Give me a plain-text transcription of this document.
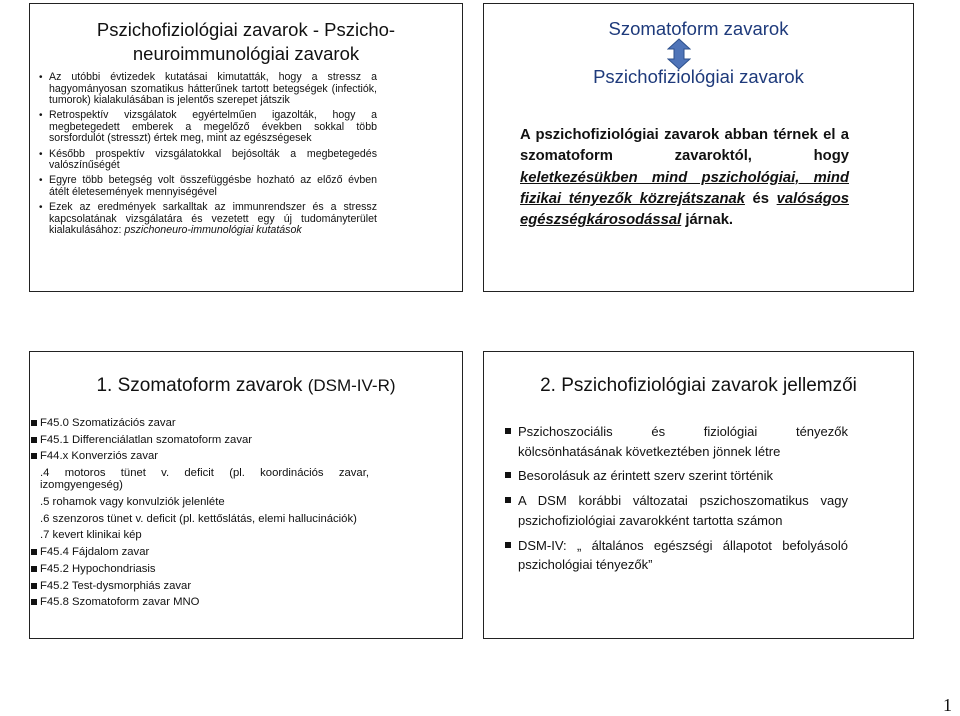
Pszichofiziológiai zavarok - Pszicho-
neuroimmunológiai zavarok
• Az utóbbi évtizedek kutatásai kimutatták, hogy a stressz a hagyományosan szomatikus hátterűnek tartott betegségek (infectiók, tumorok) kialakulásában is jelentős szerepet játszik
• Retrospektív vizsgálatok egyértelműen igazolták, hogy a megbetegedett emberek a megelőző években sokkal több sorsfordulót (stresszt) értek meg, mint az egészségesek
• Később prospektív vizsgálatokkal bejósolták a megbetegedés valószínűségét
• Egyre több betegség volt összefüggésbe hozható az előző évben átélt életesemények mennyiségével
• Ezek az eredmények sarkalltak az immunrendszer és a stressz kapcsolatának vizsgálatára és vezetett egy új tudományterület kialakulásához: pszichoneuro-immunológiai kutatások
Szomatoform zavarok
Pszichofiziológiai zavarok

A pszichofiziológiai zavarok abban térnek el a szomatoform zavaroktól, hogy keletkezésükben mind pszichológiai, mind fizikai tényezők közrejátszanak és valóságos egészségkárosodással járnak.

1. Szomatoform zavarok (DSM-IV-R)
F45.0 Szomatizációs zavar
F45.1 Differenciálatlan szomatoform zavar
F44.x Konverziós zavar
.4 motoros tünet v. deficit (pl. koordinációs zavar, izomgyengeség)
.5 rohamok vagy konvulziók jelenléte
.6 szenzoros tünet v. deficit (pl. kettőslátás, elemi hallucinációk)
.7 kevert klinikai kép
F45.4 Fájdalom zavar
F45.2 Hypochondriasis
F45.2 Test-dysmorphiás zavar
F45.8 Szomatoform zavar MNO
2. Pszichofiziológiai zavarok jellemzői
Pszichoszociális és fiziológiai tényezők kölcsönhatásának következtében jönnek létre
Besorolásuk az érintett szerv szerint történik
A DSM korábbi változatai pszichoszomatikus vagy pszichofiziológiai zavarokként tartotta számon
DSM-IV: „ általános egészségi állapotot befolyásoló pszichológiai tényezők”
1
